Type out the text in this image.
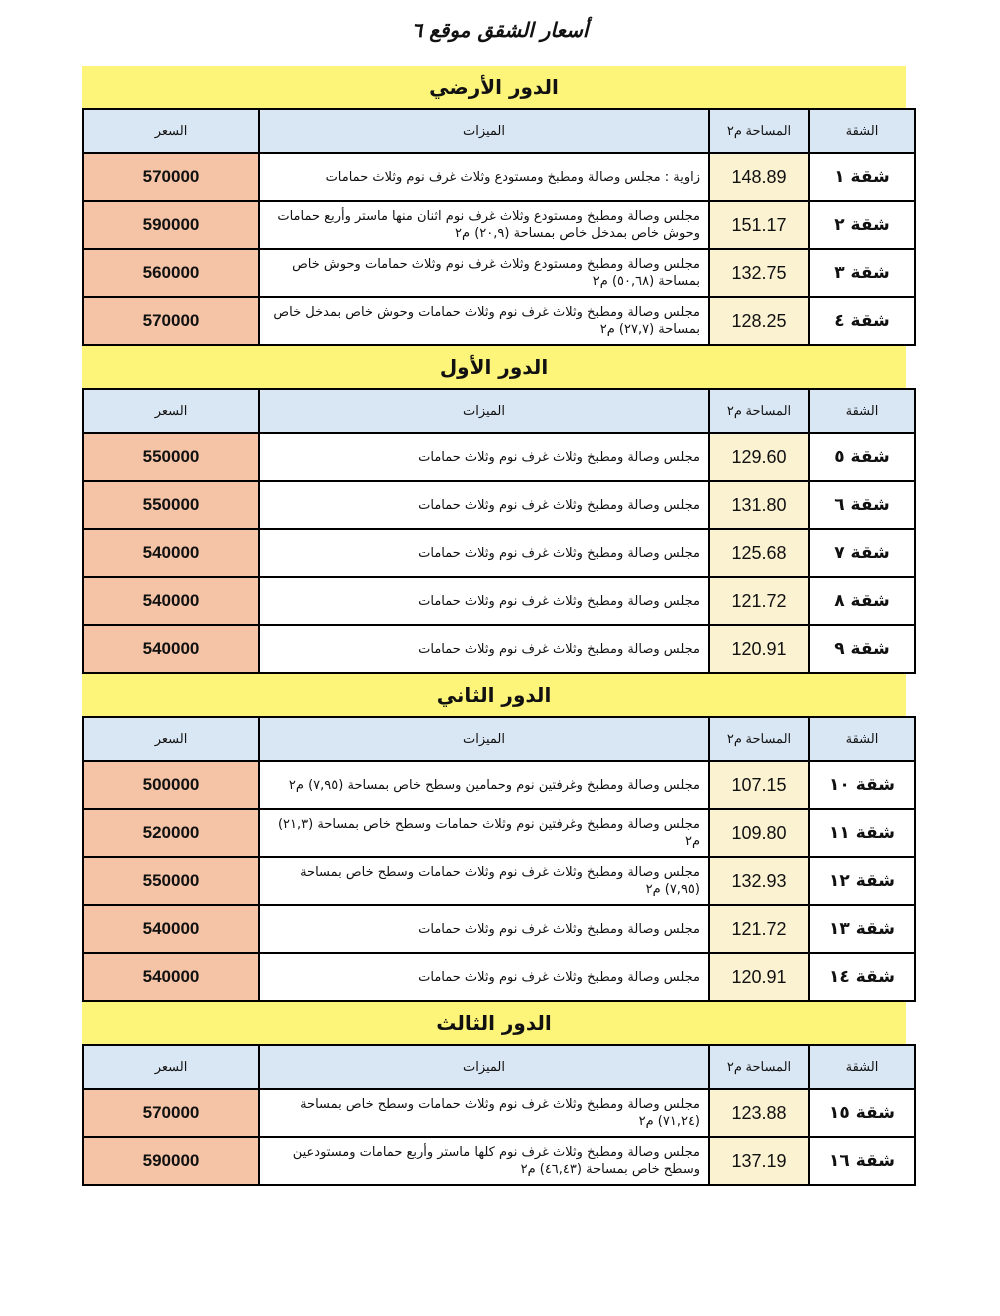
أسعار الشقق موقع ٦
الدور الأرضي
الشقة	المساحة م٢	الميزات	السعر
شقة ١	148.89	زاوية : مجلس وصالة ومطبخ ومستودع وثلاث غرف نوم وثلاث حمامات	570000
شقة ٢	151.17	مجلس وصالة ومطبخ ومستودع وثلاث غرف نوم اثنان منها ماستر وأربع حمامات وحوش خاص بمدخل خاص بمساحة (٢٠,٩) م٢	590000
شقة ٣	132.75	مجلس وصالة ومطبخ ومستودع وثلاث غرف نوم وثلاث حمامات وحوش خاص بمساحة (٥٠,٦٨) م٢	560000
شقة ٤	128.25	مجلس وصالة ومطبخ وثلاث غرف نوم وثلاث حمامات وحوش خاص بمدخل خاص بمساحة (٢٧,٧) م٢	570000
الدور الأول
الشقة	المساحة م٢	الميزات	السعر
شقة ٥	129.60	مجلس وصالة ومطبخ وثلاث غرف نوم وثلاث حمامات	550000
شقة ٦	131.80	مجلس وصالة ومطبخ وثلاث غرف نوم وثلاث حمامات	550000
شقة ٧	125.68	مجلس وصالة ومطبخ وثلاث غرف نوم وثلاث حمامات	540000
شقة ٨	121.72	مجلس وصالة ومطبخ وثلاث غرف نوم وثلاث حمامات	540000
شقة ٩	120.91	مجلس وصالة ومطبخ وثلاث غرف نوم وثلاث حمامات	540000
الدور الثاني
الشقة	المساحة م٢	الميزات	السعر
شقة ١٠	107.15	مجلس وصالة ومطبخ وغرفتين نوم وحمامين وسطح خاص بمساحة (٧,٩٥) م٢	500000
شقة ١١	109.80	مجلس وصالة ومطبخ وغرفتين نوم وثلاث حمامات وسطح خاص بمساحة (٢١,٣) م٢	520000
شقة ١٢	132.93	مجلس وصالة ومطبخ وثلاث غرف نوم وثلاث حمامات وسطح خاص بمساحة (٧,٩٥) م٢	550000
شقة ١٣	121.72	مجلس وصالة ومطبخ وثلاث غرف نوم وثلاث حمامات	540000
شقة ١٤	120.91	مجلس وصالة ومطبخ وثلاث غرف نوم وثلاث حمامات	540000
الدور الثالث
الشقة	المساحة م٢	الميزات	السعر
شقة ١٥	123.88	مجلس وصالة ومطبخ وثلاث غرف نوم وثلاث حمامات وسطح خاص بمساحة (٧١,٢٤) م٢	570000
شقة ١٦	137.19	مجلس وصالة ومطبخ وثلاث غرف نوم كلها ماستر وأربع حمامات ومستودعين وسطح خاص بمساحة (٤٦,٤٣) م٢	590000
